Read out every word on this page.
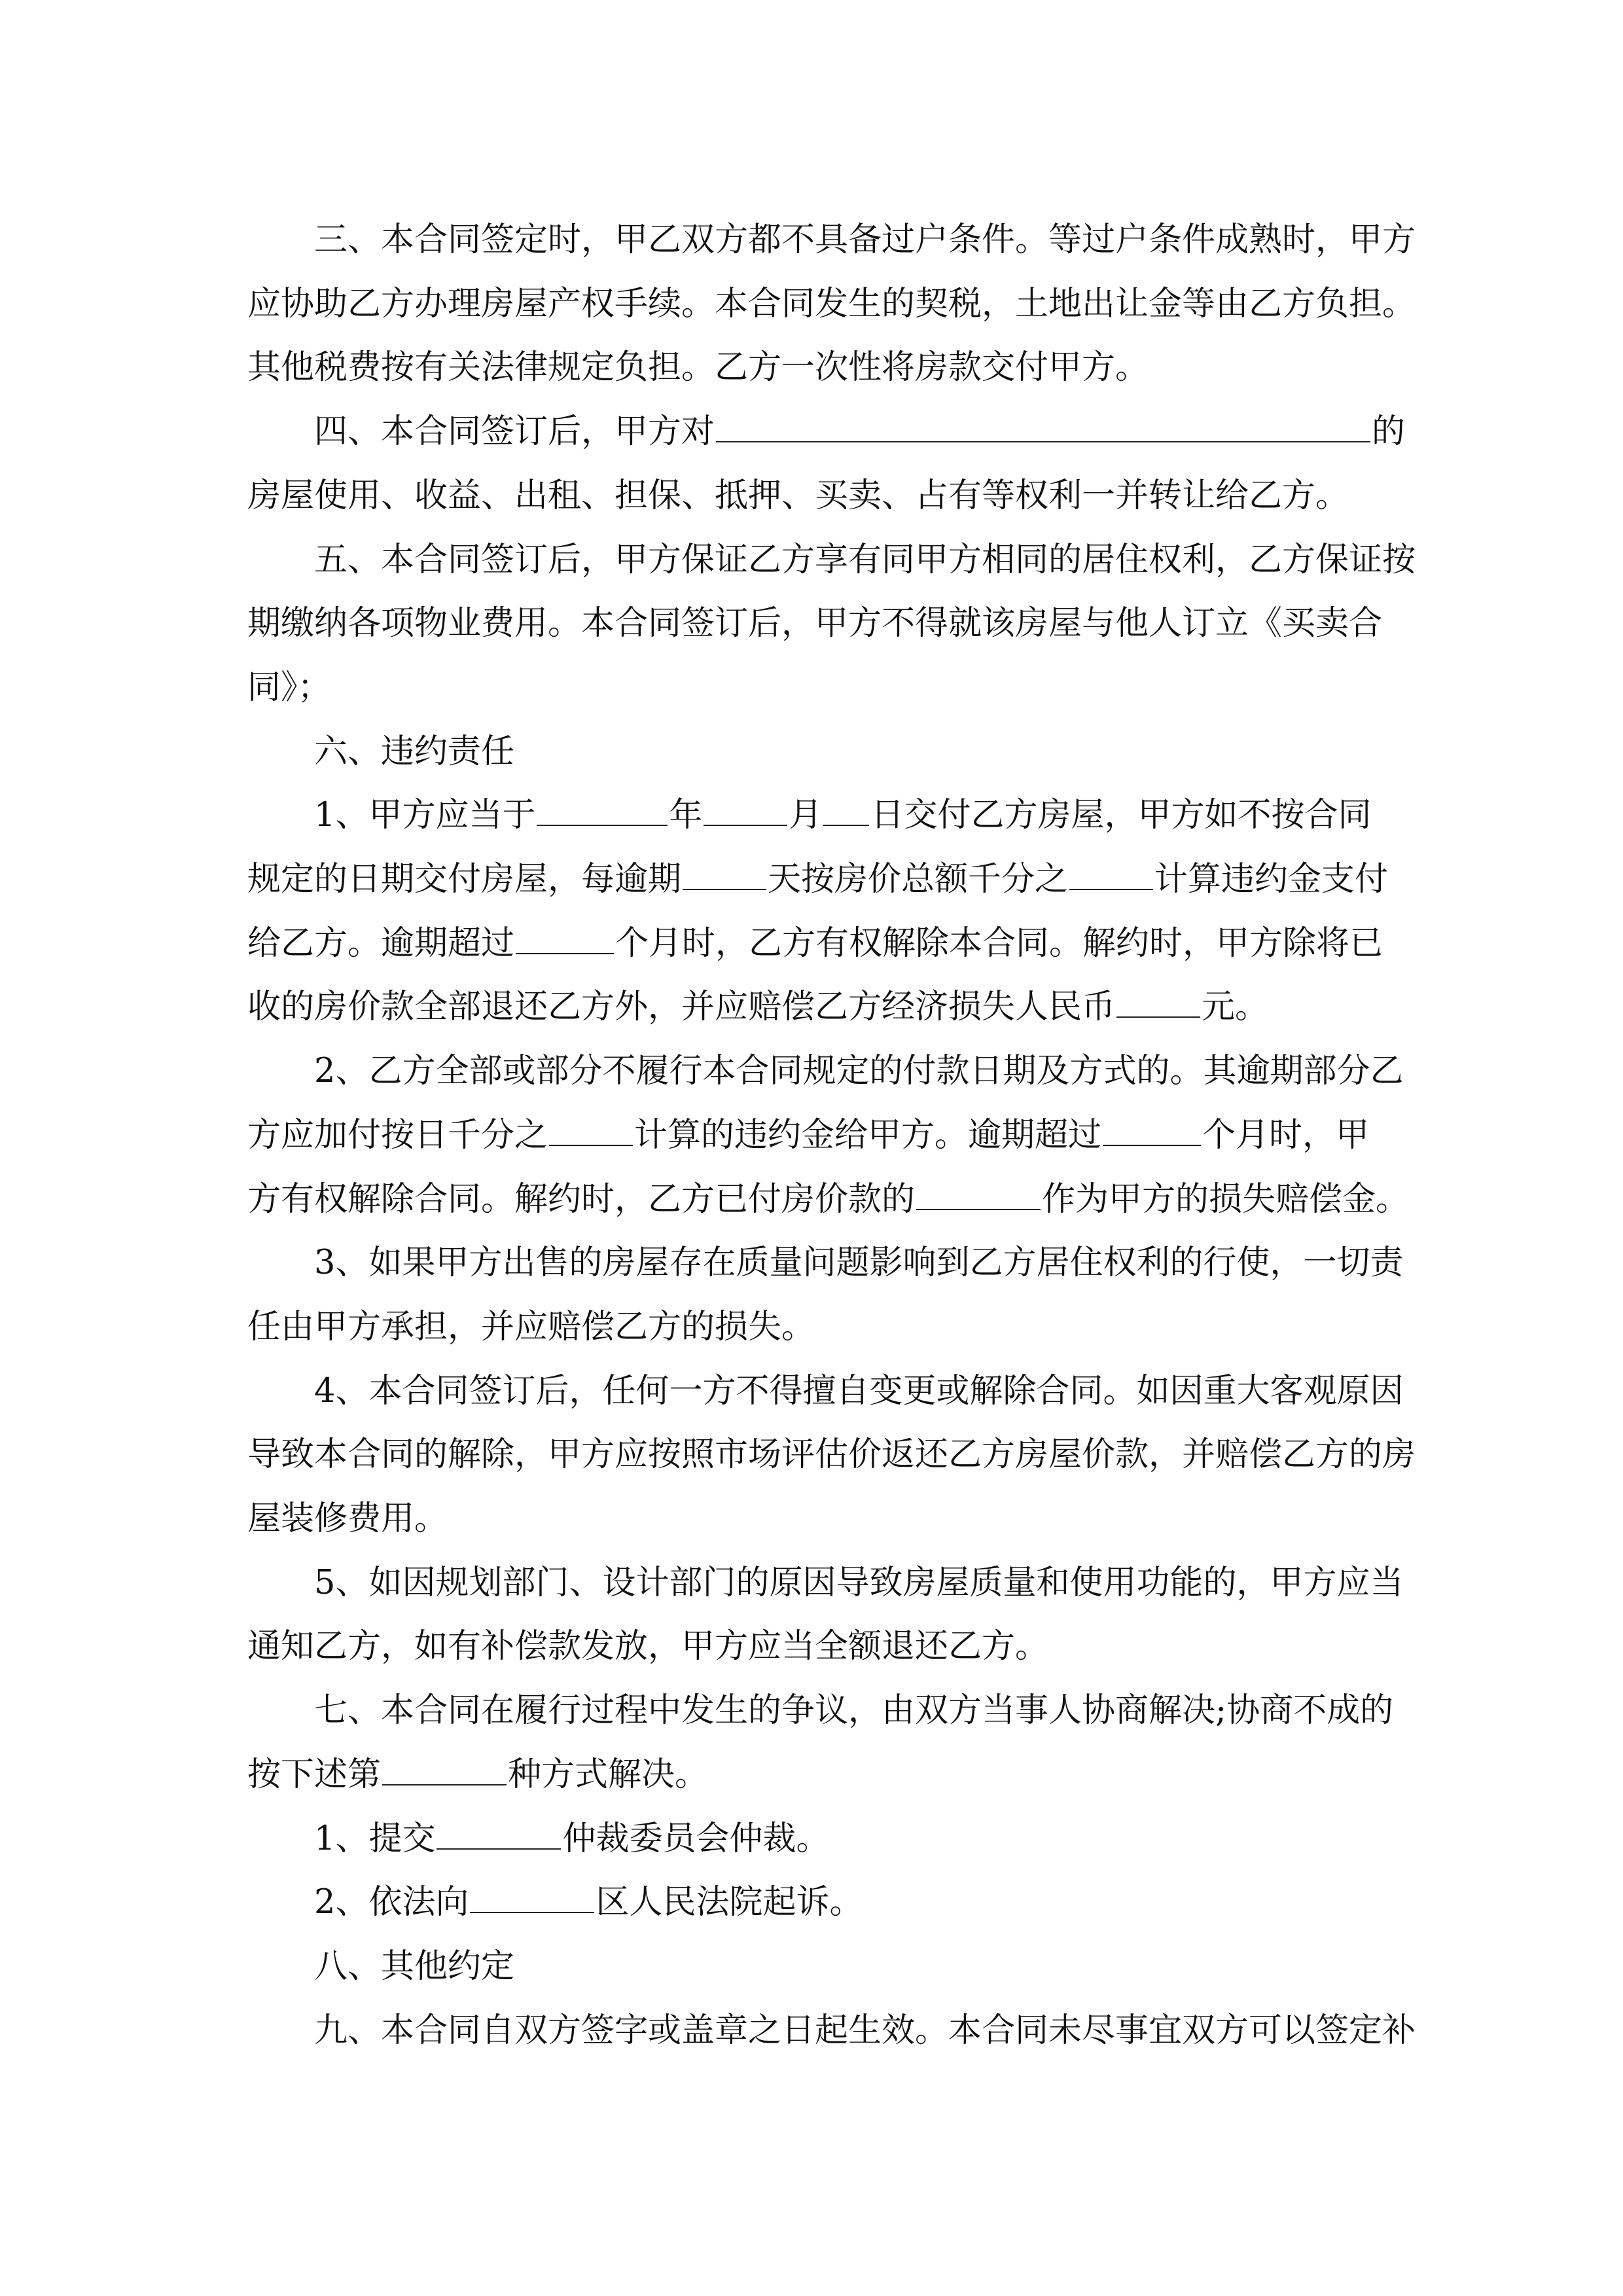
三、本合同签定时，甲乙双方都不具备过户条件。等过户条件成熟时，甲方
应协助乙方办理房屋产权手续。本合同发生的契税，土地出让金等由乙方负担。
其他税费按有关法律规定负担。乙方一次性将房款交付甲方。

四、本合同签订后，甲方对	的
房屋使用、收益、出租、担保、抵押、买卖、占有等权利一并转让给乙方。

五、本合同签订后，甲方保证乙方享有同甲方相同的居住权利，乙方保证按
期缴纳各项物业费用。本合同签订后，甲方不得就该房屋与他人订立《买卖合
同》；

六、违约责任

1、甲方应当于	年	月 日交付乙方房屋，甲方如不按合同
规定的日期交付房屋，每逾期	天按房价总额千分之	计算违约金支付
给乙方。逾期超过	个月时，乙方有权解除本合同。解约时，甲方除将已
收的房价款全部退还乙方外，并应赔偿乙方经济损失人民币	元。

2、乙方全部或部分不履行本合同规定的付款日期及方式的。其逾期部分乙
方应加付按日千分之	计算的违约金给甲方。逾期超过	个月时，甲
方有权解除合同。解约时，乙方已付房价款的	作为甲方的损失赔偿金。

3、如果甲方出售的房屋存在质量问题影响到乙方居住权利的行使，一切责
任由甲方承担，并应赔偿乙方的损失。

4、本合同签订后，任何一方不得擅自变更或解除合同。如因重大客观原因
导致本合同的解除，甲方应按照市场评估价返还乙方房屋价款，并赔偿乙方的房
屋装修费用。

5、如因规划部门、设计部门的原因导致房屋质量和使用功能的，甲方应当
通知乙方，如有补偿款发放，甲方应当全额退还乙方。

七、本合同在履行过程中发生的争议，由双方当事人协商解决;协商不成的
按下述第	种方式解决。

1、提交	仲裁委员会仲裁。

2、依法向	区人民法院起诉。

八、其他约定

九、本合同自双方签字或盖章之日起生效。本合同未尽事宜双方可以签定补
